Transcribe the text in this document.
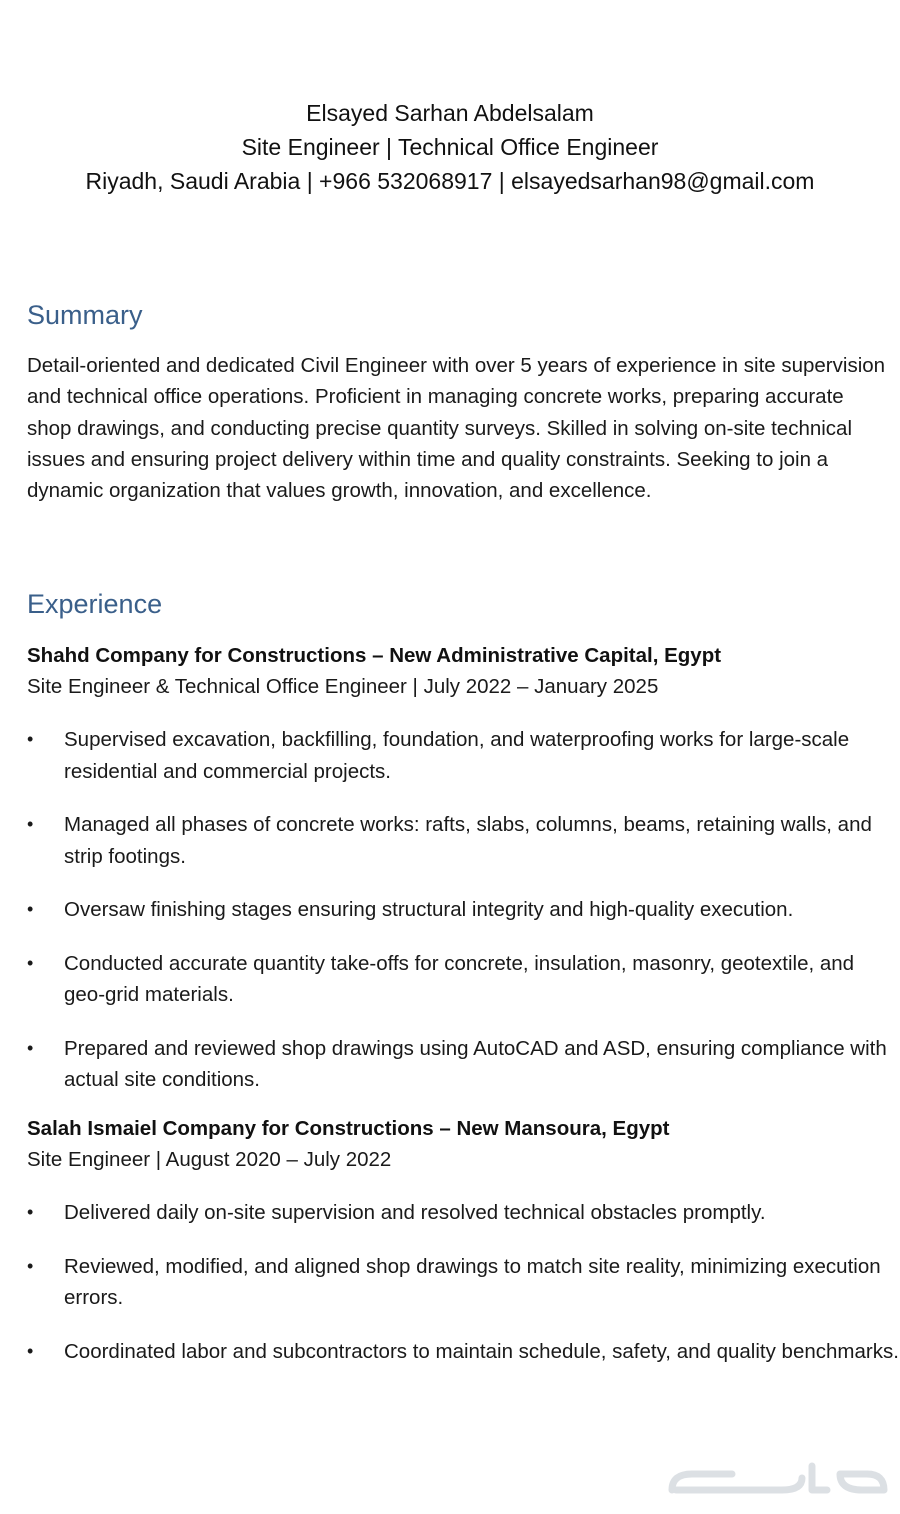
Elsayed Sarhan Abdelsalam
Site Engineer | Technical Office Engineer
Riyadh, Saudi Arabia | +966 532068917 | elsayedsarhan98@gmail.com
Summary
Detail-oriented and dedicated Civil Engineer with over 5 years of experience in site supervision and technical office operations. Proficient in managing concrete works, preparing accurate shop drawings, and conducting precise quantity surveys. Skilled in solving on-site technical issues and ensuring project delivery within time and quality constraints. Seeking to join a dynamic organization that values growth, innovation, and excellence.
Experience
Shahd Company for Constructions – New Administrative Capital, Egypt
Site Engineer & Technical Office Engineer | July 2022 – January 2025
•	Supervised excavation, backfilling, foundation, and waterproofing works for large-scale residential and commercial projects.
•	Managed all phases of concrete works: rafts, slabs, columns, beams, retaining walls, and strip footings.
•	Oversaw finishing stages ensuring structural integrity and high-quality execution.
•	Conducted accurate quantity take-offs for concrete, insulation, masonry, geotextile, and geo-grid materials.
•	Prepared and reviewed shop drawings using AutoCAD and ASD, ensuring compliance with actual site conditions.
Salah Ismaiel Company for Constructions – New Mansoura, Egypt
Site Engineer | August 2020 – July 2022
•	Delivered daily on-site supervision and resolved technical obstacles promptly.
•	Reviewed, modified, and aligned shop drawings to match site reality, minimizing execution errors.
•	Coordinated labor and subcontractors to maintain schedule, safety, and quality benchmarks.
حراج
